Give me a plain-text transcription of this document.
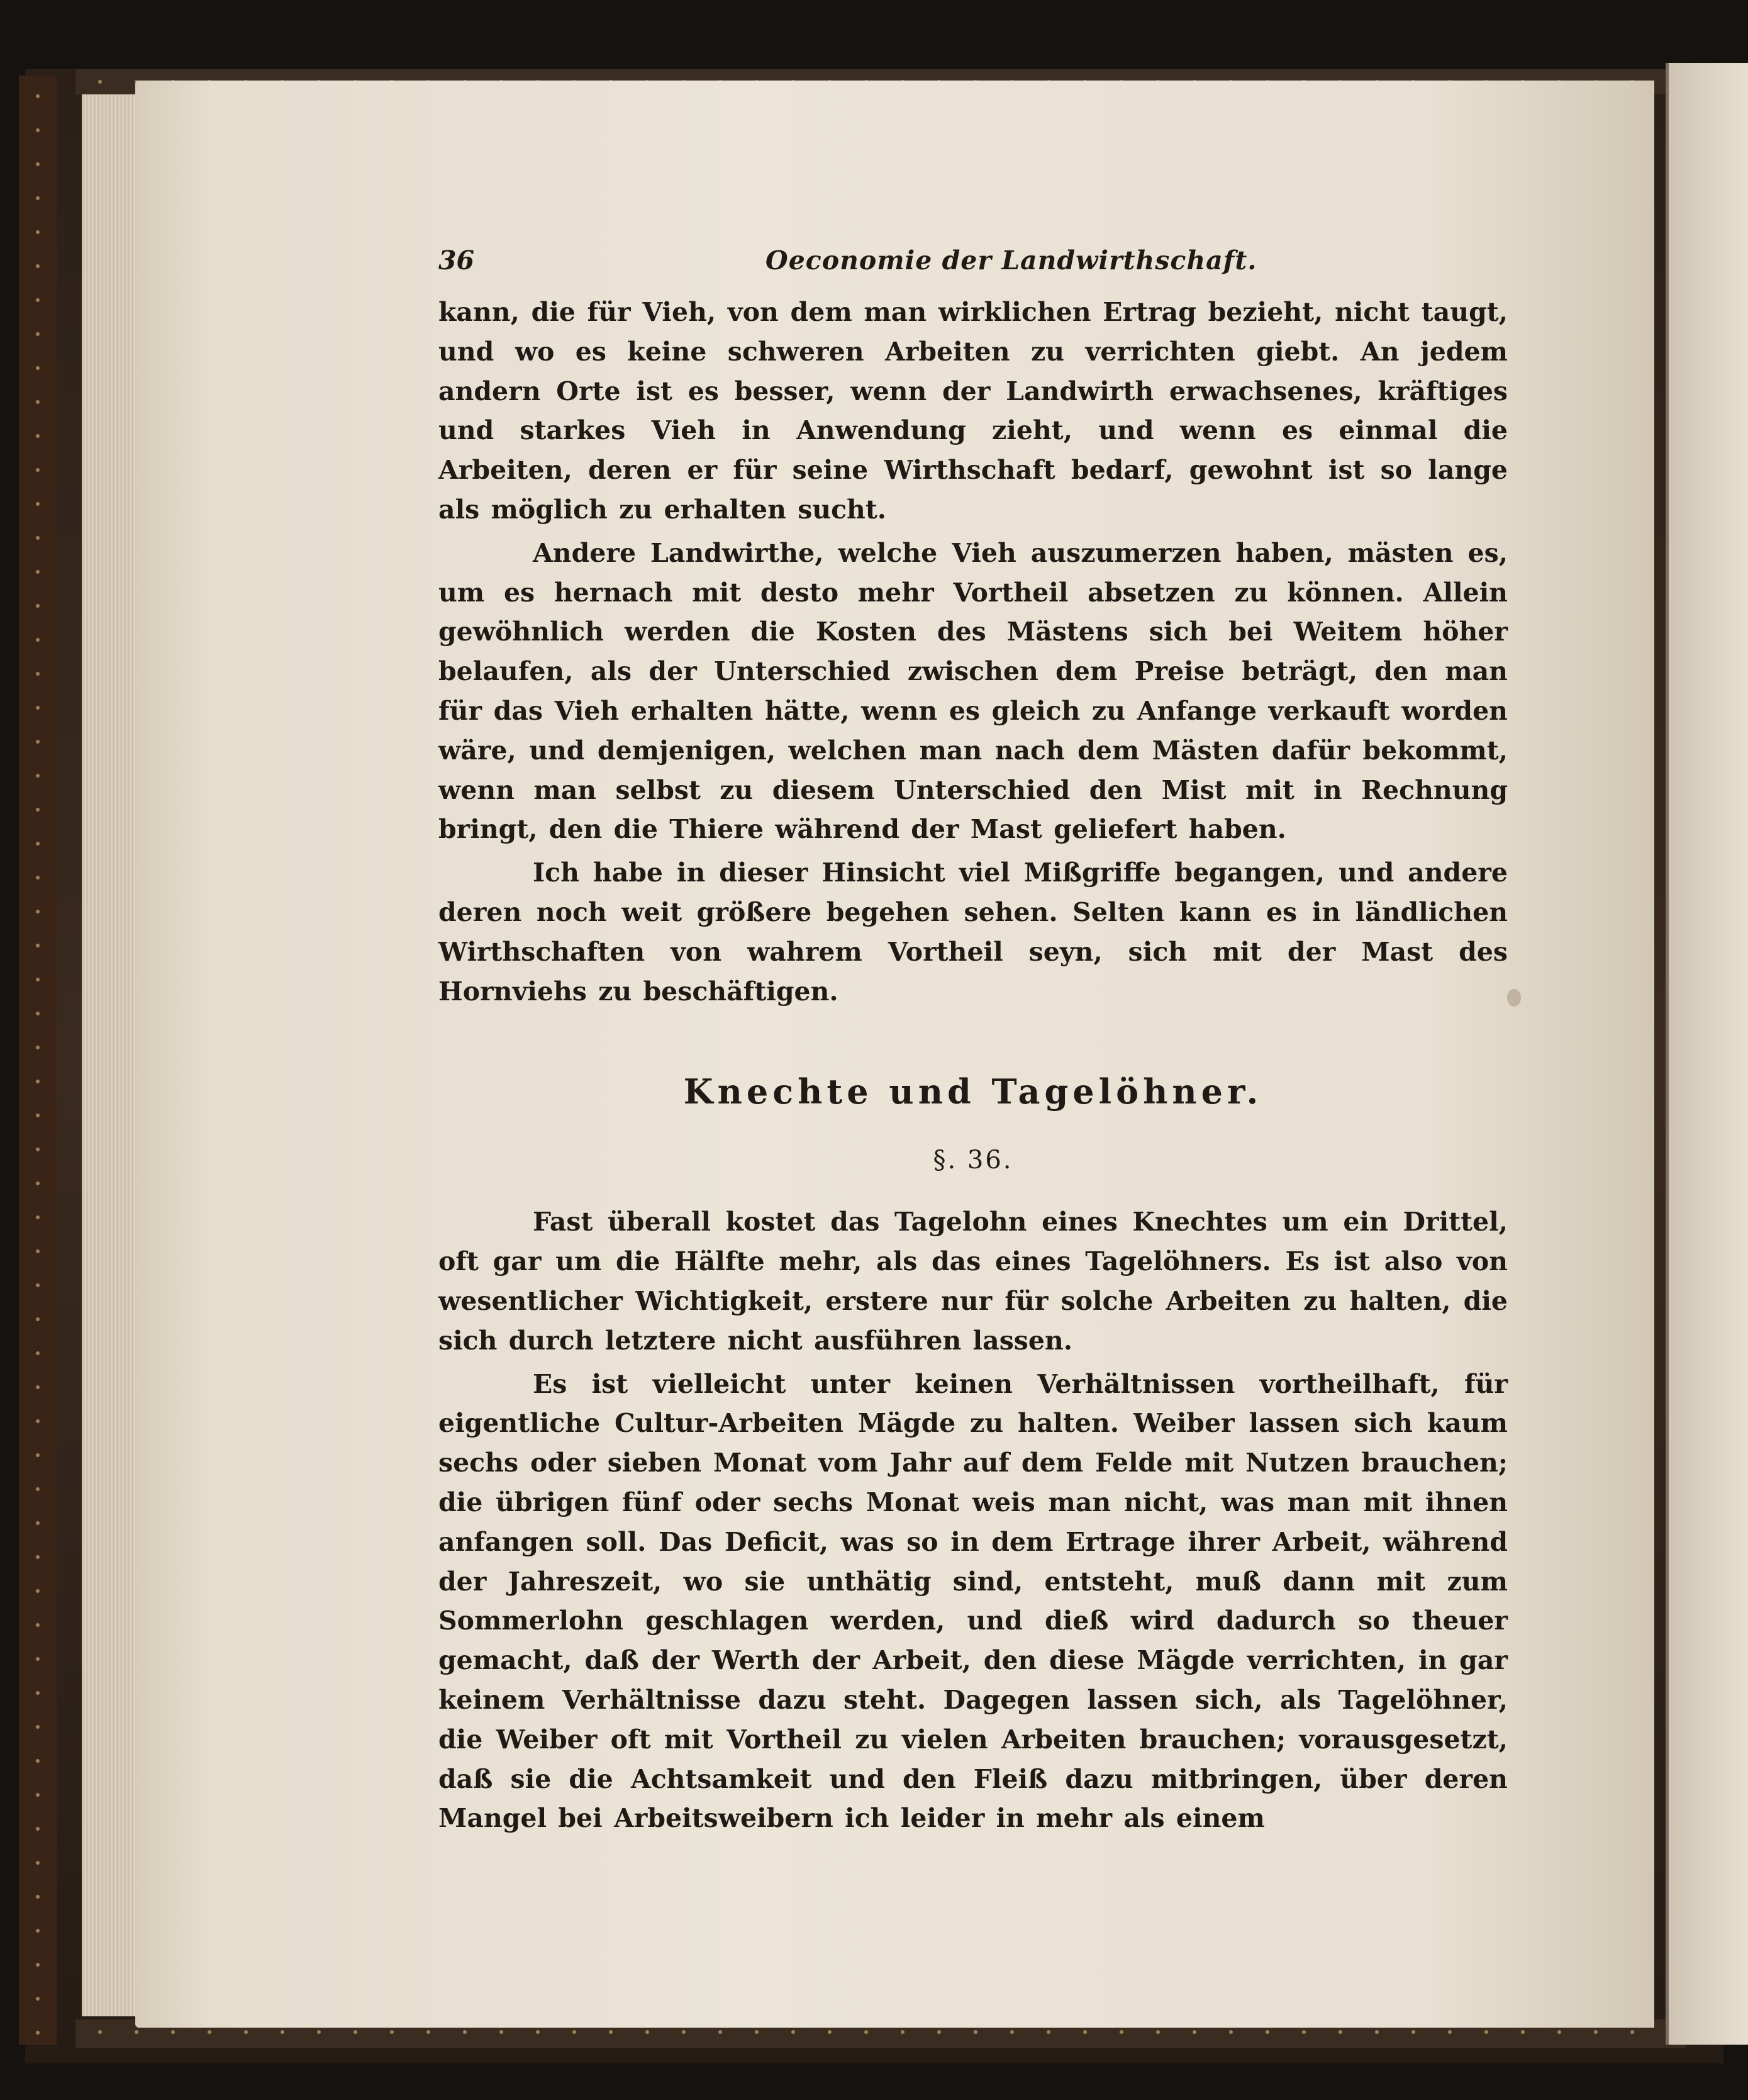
36	Oeconomie der Landwirthschaft.

kann, die für Vieh, von dem man wirklichen Ertrag bezieht, nicht taugt, und wo es keine schweren Arbeiten zu verrichten giebt. An jedem andern Orte ist es besser, wenn der Landwirth erwachsenes, kräftiges und starkes Vieh in Anwendung zieht, und wenn es einmal die Arbeiten, deren er für seine Wirthschaft bedarf, gewohnt ist so lange als möglich zu erhalten sucht.

Andere Landwirthe, welche Vieh auszumerzen haben, mästen es, um es hernach mit desto mehr Vortheil absetzen zu können. Allein gewöhnlich werden die Kosten des Mästens sich bei Weitem höher belaufen, als der Unterschied zwischen dem Preise beträgt, den man für das Vieh erhalten hätte, wenn es gleich zu Anfange verkauft worden wäre, und demjenigen, welchen man nach dem Mästen dafür bekommt, wenn man selbst zu diesem Unterschied den Mist mit in Rechnung bringt, den die Thiere während der Mast geliefert haben.

Ich habe in dieser Hinsicht viel Mißgriffe begangen, und andere deren noch weit größere begehen sehen. Selten kann es in ländlichen Wirthschaften von wahrem Vortheil seyn, sich mit der Mast des Hornviehs zu beschäftigen.

Knechte und Tagelöhner.
§. 36.

Fast überall kostet das Tagelohn eines Knechtes um ein Drittel, oft gar um die Hälfte mehr, als das eines Tagelöhners. Es ist also von wesentlicher Wichtigkeit, erstere nur für solche Arbeiten zu halten, die sich durch letztere nicht ausführen lassen.

Es ist vielleicht unter keinen Verhältnissen vortheilhaft, für eigentliche Cultur-Arbeiten Mägde zu halten. Weiber lassen sich kaum sechs oder sieben Monat vom Jahr auf dem Felde mit Nutzen brauchen; die übrigen fünf oder sechs Monat weis man nicht, was man mit ihnen anfangen soll. Das Deficit, was so in dem Ertrage ihrer Arbeit, während der Jahreszeit, wo sie unthätig sind, entsteht, muß dann mit zum Sommerlohn geschlagen werden, und dieß wird dadurch so theuer gemacht, daß der Werth der Arbeit, den diese Mägde verrichten, in gar keinem Verhältnisse dazu steht. Dagegen lassen sich, als Tagelöhner, die Weiber oft mit Vortheil zu vielen Arbeiten brauchen; vorausgesetzt, daß sie die Achtsamkeit und den Fleiß dazu mitbringen, über deren Mangel bei Arbeitsweibern ich leider in mehr als einem
